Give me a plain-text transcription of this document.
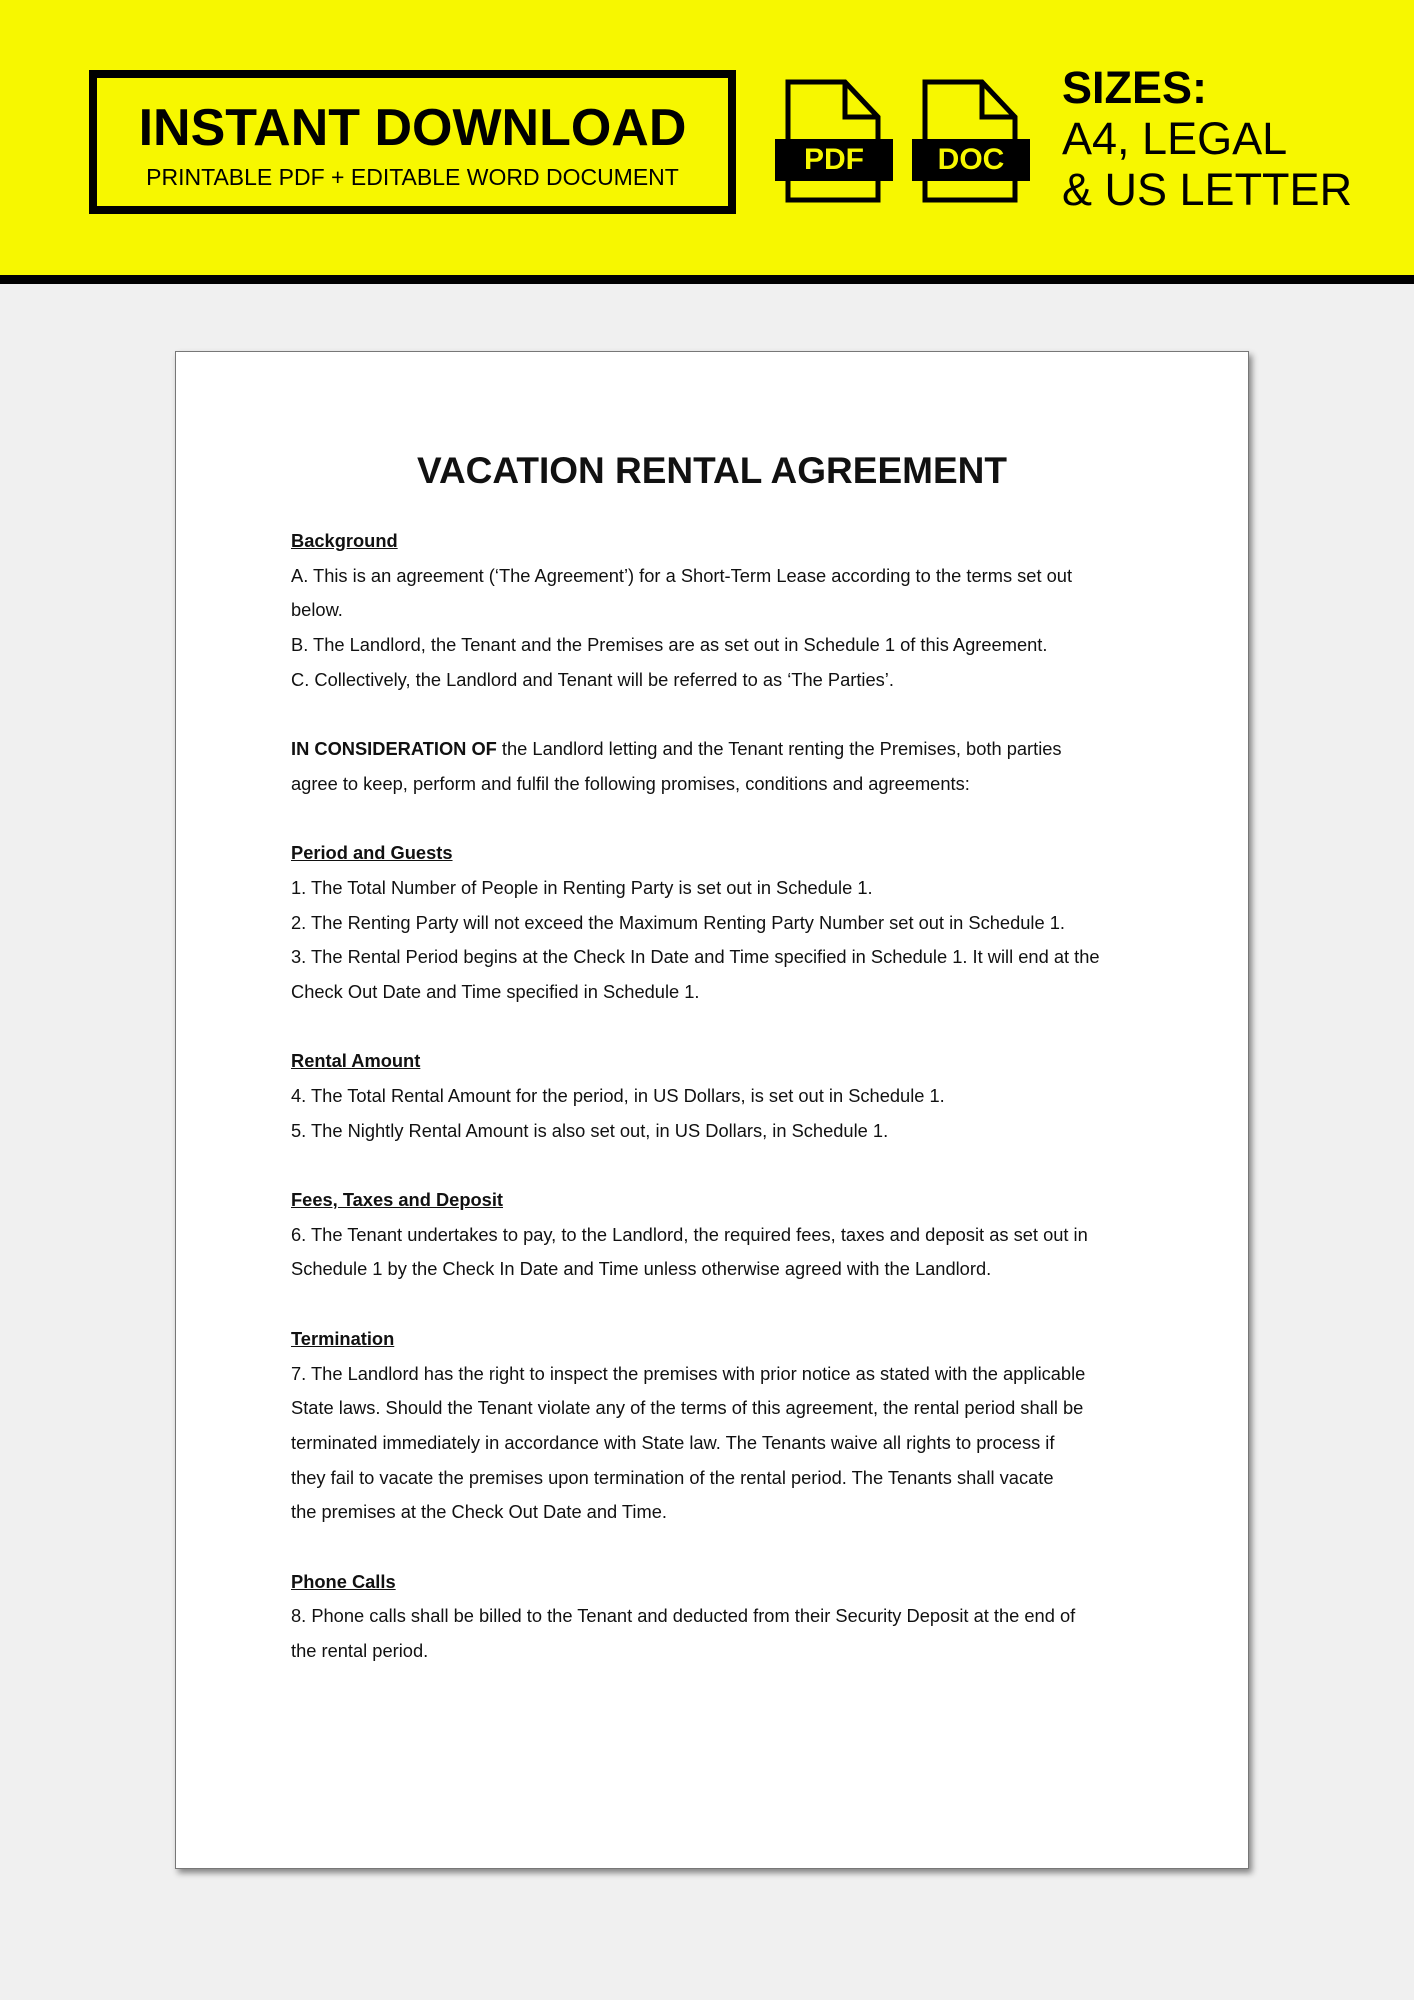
INSTANT DOWNLOAD
PRINTABLE PDF + EDITABLE WORD DOCUMENT
PDF	DOC
SIZES:
A4, LEGAL
& US LETTER
VACATION RENTAL AGREEMENT
Background
A. This is an agreement (‘The Agreement’) for a Short-Term Lease according to the terms set out
below.
B. The Landlord, the Tenant and the Premises are as set out in Schedule 1 of this Agreement.
C. Collectively, the Landlord and Tenant will be referred to as ‘The Parties’.
IN CONSIDERATION OF the Landlord letting and the Tenant renting the Premises, both parties
agree to keep, perform and fulfil the following promises, conditions and agreements:
Period and Guests
1. The Total Number of People in Renting Party is set out in Schedule 1.
2. The Renting Party will not exceed the Maximum Renting Party Number set out in Schedule 1.
3. The Rental Period begins at the Check In Date and Time specified in Schedule 1. It will end at the
Check Out Date and Time specified in Schedule 1.
Rental Amount
4. The Total Rental Amount for the period, in US Dollars, is set out in Schedule 1.
5. The Nightly Rental Amount is also set out, in US Dollars, in Schedule 1.
Fees, Taxes and Deposit
6. The Tenant undertakes to pay, to the Landlord, the required fees, taxes and deposit as set out in
Schedule 1 by the Check In Date and Time unless otherwise agreed with the Landlord.
Termination
7. The Landlord has the right to inspect the premises with prior notice as stated with the applicable
State laws. Should the Tenant violate any of the terms of this agreement, the rental period shall be
terminated immediately in accordance with State law. The Tenants waive all rights to process if
they fail to vacate the premises upon termination of the rental period. The Tenants shall vacate
the premises at the Check Out Date and Time.
Phone Calls
8. Phone calls shall be billed to the Tenant and deducted from their Security Deposit at the end of
the rental period.
